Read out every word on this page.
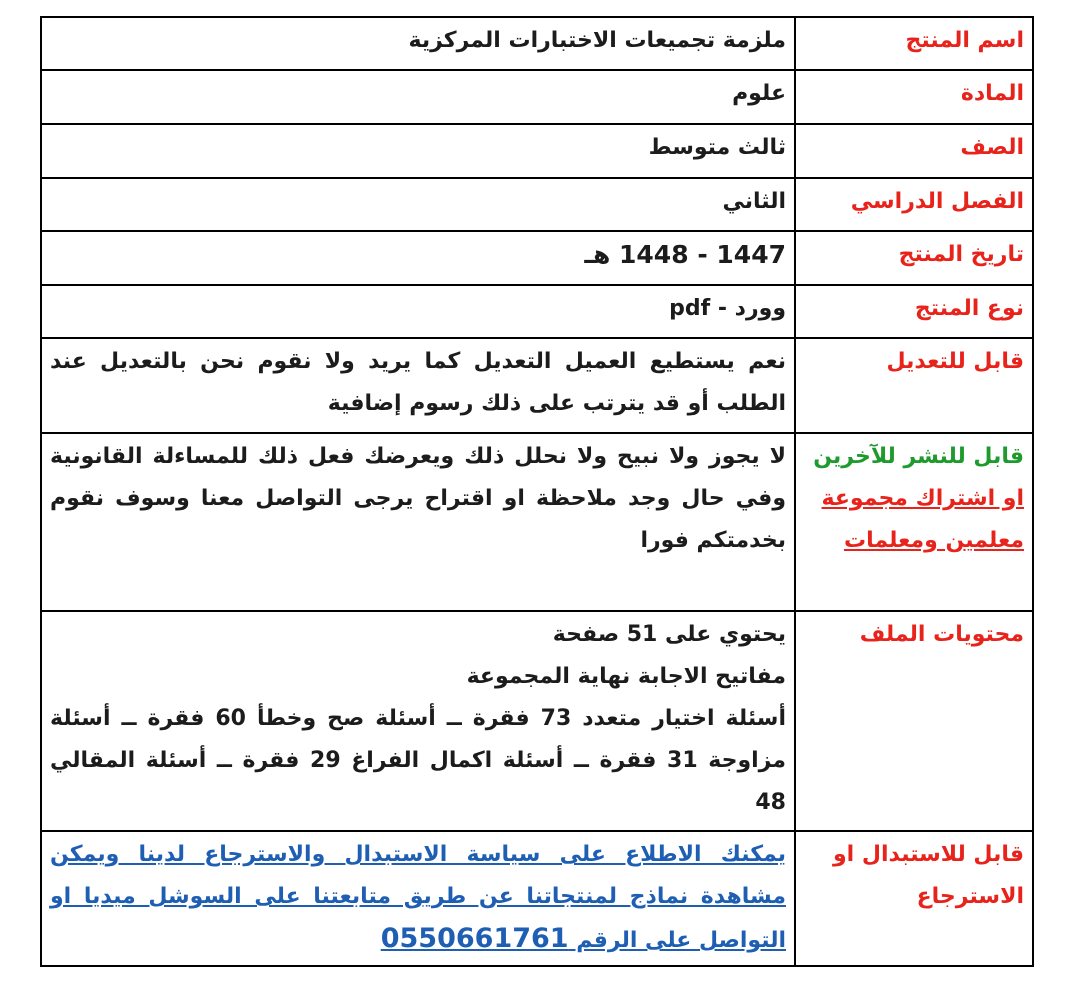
اسم المنتج	ملزمة تجميعات الاختبارات المركزية
المادة	علوم
الصف	ثالث متوسط
الفصل الدراسي	الثاني
تاريخ المنتج	1447 - 1448 هـ
نوع المنتج	وورد - pdf
قابل للتعديل	نعم يستطيع العميل التعديل كما يريد ولا نقوم نحن بالتعديل عند الطلب أو قد يترتب على ذلك رسوم إضافية
قابل للنشر للآخرين او اشتراك مجموعة معلمين ومعلمات	لا يجوز ولا نبيح ولا نحلل ذلك ويعرضك فعل ذلك للمساءلة القانونية وفي حال وجد ملاحظة او اقتراح يرجى التواصل معنا وسوف نقوم بخدمتكم فورا
محتويات الملف	يحتوي على 51 صفحة
مفاتيح الاجابة نهاية المجموعة
أسئلة اختيار متعدد 73 فقرة ــ أسئلة صح وخطأ 60 فقرة ــ أسئلة مزاوجة 31 فقرة ــ أسئلة اكمال الفراغ 29 فقرة ــ أسئلة المقالي 48

قابل للاستبدال او الاسترجاع	يمكنك الاطلاع على سياسة الاستبدال والاسترجاع لدينا ويمكن مشاهدة نماذج لمنتجاتنا عن طريق متابعتنا على السوشل ميديا او التواصل على الرقم 0550661761
